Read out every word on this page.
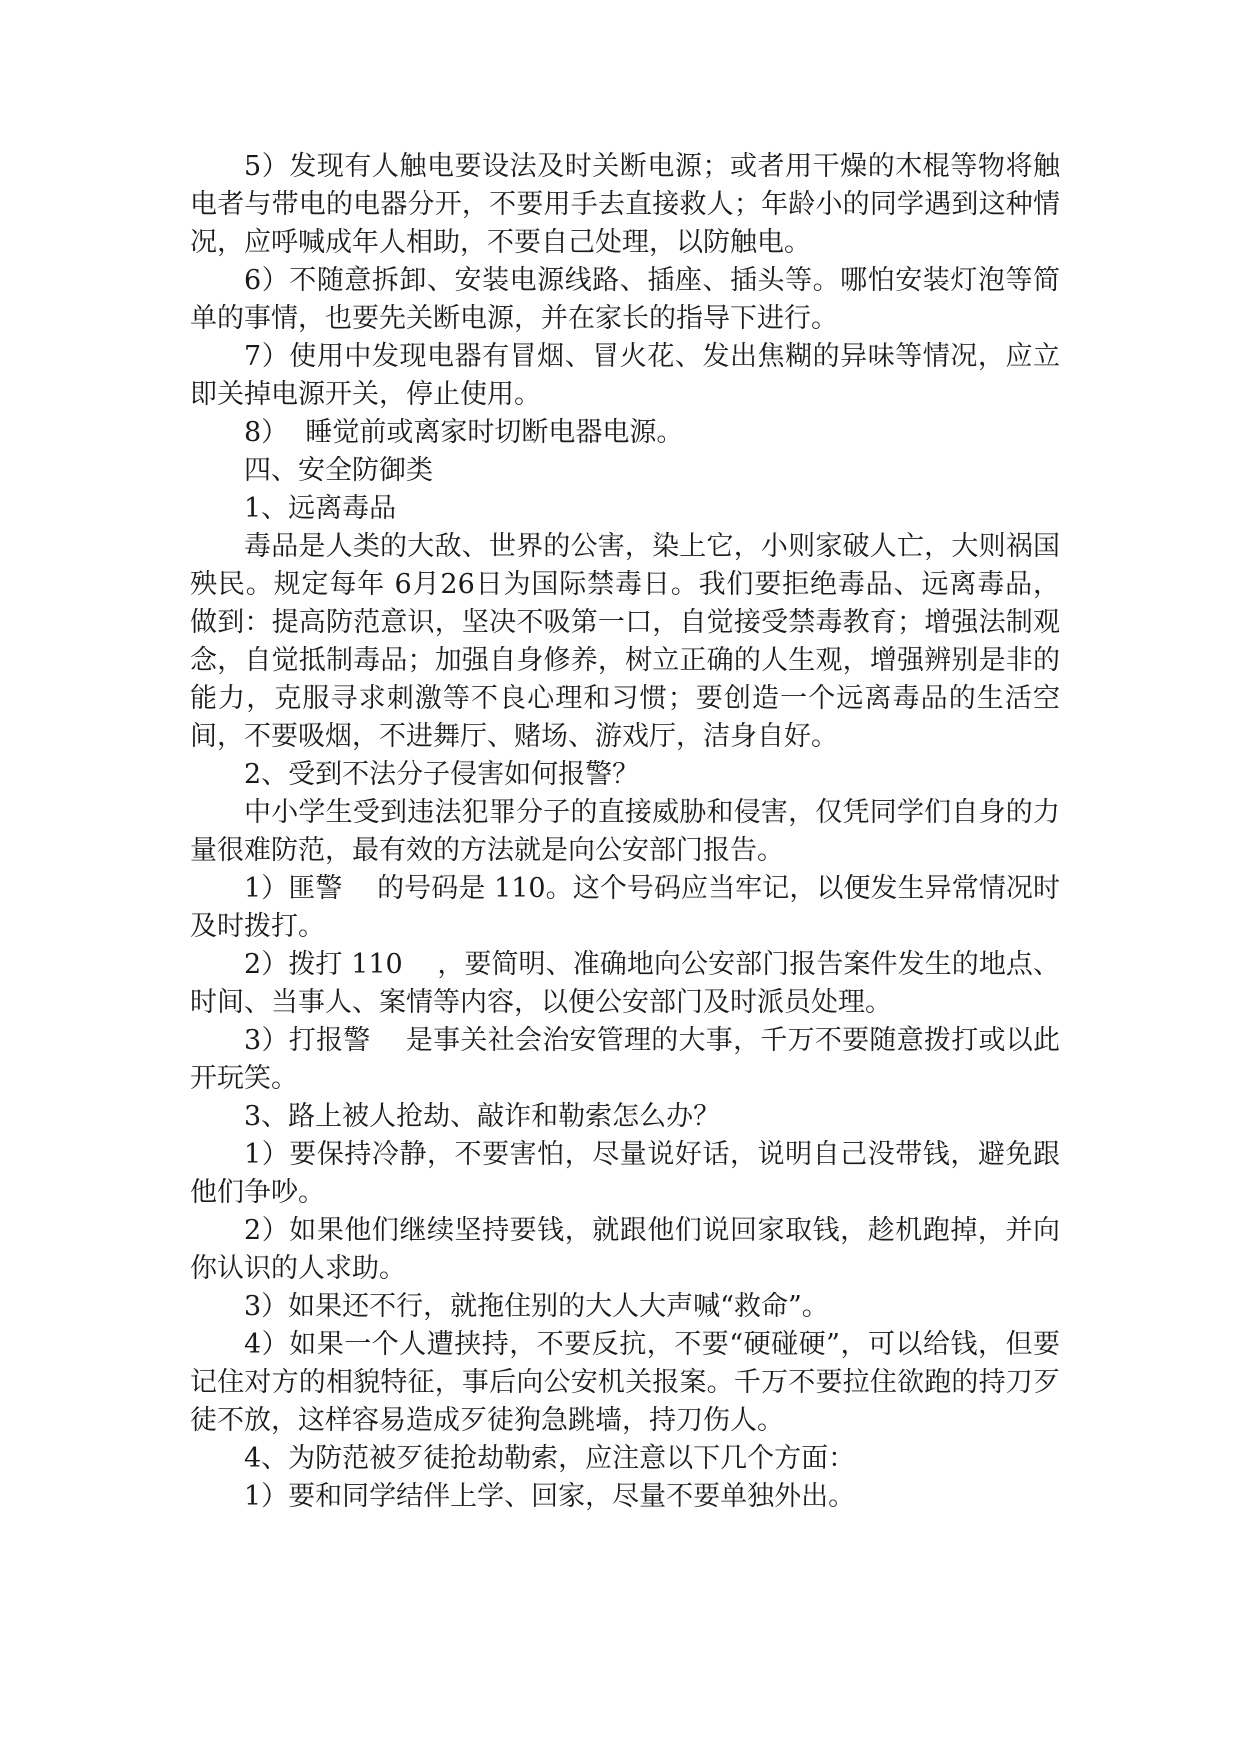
5）发现有人触电要设法及时关断电源；或者用干燥的木棍等物将触电者与带电的电器分开，不要用手去直接救人；年龄小的同学遇到这种情况，应呼喊成年人相助，不要自己处理，以防触电。

6）不随意拆卸、安装电源线路、插座、插头等。哪怕安装灯泡等简单的事情，也要先关断电源，并在家长的指导下进行。

7）使用中发现电器有冒烟、冒火花、发出焦糊的异味等情况，应立即关掉电源开关，停止使用。

8）  睡觉前或离家时切断电器电源。

四、安全防御类

1、远离毒品

毒品是人类的大敌、世界的公害，染上它，小则家破人亡，大则祸国殃民。规定每年 6月26日为国际禁毒日。我们要拒绝毒品、远离毒品，做到：提高防范意识，坚决不吸第一口，自觉接受禁毒教育；增强法制观念，自觉抵制毒品；加强自身修养，树立正确的人生观，增强辨别是非的能力，克服寻求刺激等不良心理和习惯；要创造一个远离毒品的生活空间，不要吸烟，不进舞厅、赌场、游戏厅，洁身自好。

2、受到不法分子侵害如何报警？

中小学生受到违法犯罪分子的直接威胁和侵害，仅凭同学们自身的力量很难防范，最有效的方法就是向公安部门报告。

1）匪警    的号码是 110。这个号码应当牢记，以便发生异常情况时及时拨打。

2）拨打 110    ，要简明、准确地向公安部门报告案件发生的地点、时间、当事人、案情等内容，以便公安部门及时派员处理。

3）打报警    是事关社会治安管理的大事，千万不要随意拨打或以此开玩笑。

3、路上被人抢劫、敲诈和勒索怎么办？

1）要保持冷静，不要害怕，尽量说好话，说明自己没带钱，避免跟他们争吵。

2）如果他们继续坚持要钱，就跟他们说回家取钱，趁机跑掉，并向你认识的人求助。

3）如果还不行，就拖住别的大人大声喊“救命”。

4）如果一个人遭挟持，不要反抗，不要“硬碰硬”，可以给钱，但要记住对方的相貌特征，事后向公安机关报案。千万不要拉住欲跑的持刀歹徒不放，这样容易造成歹徒狗急跳墙，持刀伤人。

4、为防范被歹徒抢劫勒索，应注意以下几个方面：

1）要和同学结伴上学、回家，尽量不要单独外出。
